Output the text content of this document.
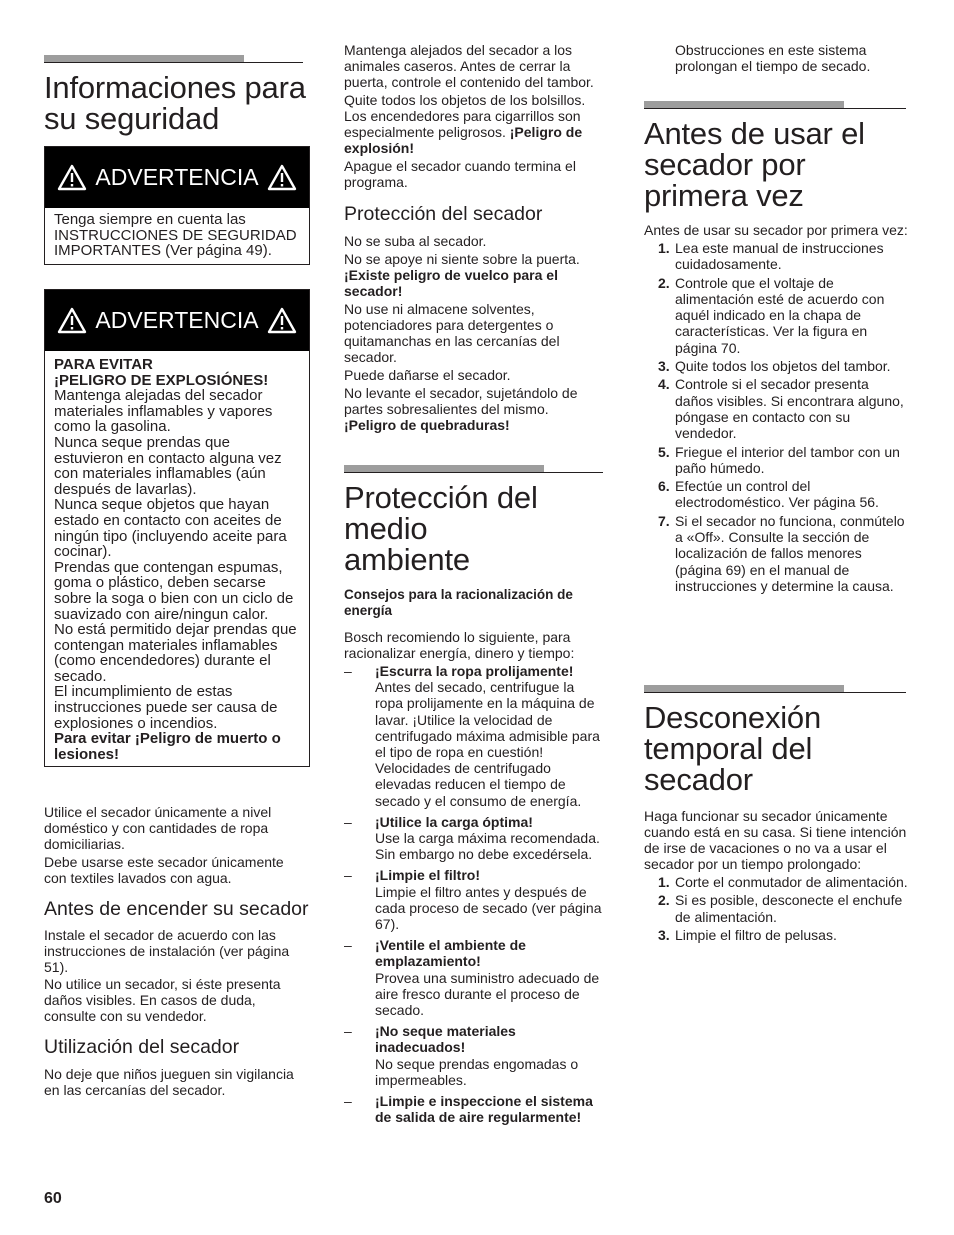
Informaciones para su seguridad
ADVERTENCIA

Tenga siempre en cuenta las INSTRUCCIONES DE SEGURIDAD IMPORTANTES (Ver página 49).

ADVERTENCIA

PARA EVITAR

¡PELIGRO DE EXPLOSIÓNES!

Mantenga alejadas del secador materiales inflamables y vapores como la gasolina.

Nunca seque prendas que estuvieron en contacto alguna vez con materiales inflamables (aún después de lavarlas).

Nunca seque objetos que hayan estado en contacto con aceites de ningún tipo (incluyendo aceite para cocinar).

Prendas que contengan espumas, goma o plástico, deben secarse sobre la soga o bien con un ciclo de suavizado con aire/ningun calor.

No está permitido dejar prendas que contengan materiales inflamables (como encendedores) durante el secado.

El incumplimiento de estas instrucciones puede ser causa de explosiones o incendios.

Para evitar ¡Peligro de muerto o lesiones!

Utilice el secador únicamente a nivel doméstico y con cantidades de ropa domiciliarias.

Debe usarse este secador únicamente con textiles lavados con agua.

Antes de encender su secador

Instale el secador de acuerdo con las instrucciones de instalación (ver página 51).

No utilice un secador, si éste presenta daños visibles. En casos de duda, consulte con su vendedor.

Utilización del secador

No deje que niños jueguen sin vigilancia en las cercanías del secador.

Mantenga alejados del secador a los animales caseros. Antes de cerrar la puerta, controle el contenido del tambor.

Quite todos los objetos de los bolsillos. Los encendedores para cigarrillos son especialmente peligrosos. ¡Peligro de explosión!

Apague el secador cuando termina el programa.

Protección del secador

No se suba al secador.

No se apoye ni siente sobre la puerta.

¡Existe peligro de vuelco para el secador!

No use ni almacene solventes, potenciadores para detergentes o quitamanchas en las cercanías del secador.

Puede dañarse el secador.

No levante el secador, sujetándolo de partes sobresalientes del mismo.

¡Peligro de quebraduras!

Protección del medio ambiente

Consejos para la racionalización de energía

Bosch recomiendo lo siguiente, para racionalizar energía, dinero y tiempo:

– ¡Escurra la ropa prolijamente!
Antes del secado, centrifugue la ropa prolijamente en la máquina de lavar. ¡Utilice la velocidad de centrifugado máxima admisible para el tipo de ropa en cuestión! Velocidades de centrifugado elevadas reducen el tiempo de secado y el consumo de energía.
– ¡Utilice la carga óptima!
Use la carga máxima recomendada. Sin embargo no debe excedérsela.
– ¡Limpie el filtro!
Limpie el filtro antes y después de cada proceso de secado (ver página 67).
– ¡Ventile el ambiente de emplazamiento!
Provea una suministro adecuado de aire fresco durante el proceso de secado.
– ¡No seque materiales inadecuados!
No seque prendas engomadas o impermeables.
– ¡Limpie e inspeccione el sistema de salida de aire regularmente!

Obstrucciones en este sistema prolongan el tiempo de secado.

Antes de usar el secador por primera vez

Antes de usar su secador por primera vez:

1. Lea este manual de instrucciones cuidadosamente.
2. Controle que el voltaje de alimentación esté de acuerdo con aquél indicado en la chapa de características. Ver la figura en página 70.
3. Quite todos los objetos del tambor.
4. Controle si el secador presenta daños visibles. Si encontrara alguno, póngase en contacto con su vendedor.
5. Friegue el interior del tambor con un paño húmedo.
6. Efectúe un control del electrodoméstico. Ver página 56.
7. Si el secador no funciona, conmútelo a «Off». Consulte la sección de localización de fallos menores (página 69) en el manual de instrucciones y determine la causa.
Desconexión temporal del secador

Haga funcionar su secador únicamente cuando está en su casa. Si tiene intención de irse de vacaciones o no va a usar el secador por un tiempo prolongado:

1. Corte el conmutador de alimentación.
2. Si es posible, desconecte el enchufe de alimentación.
3. Limpie el filtro de pelusas.
60
